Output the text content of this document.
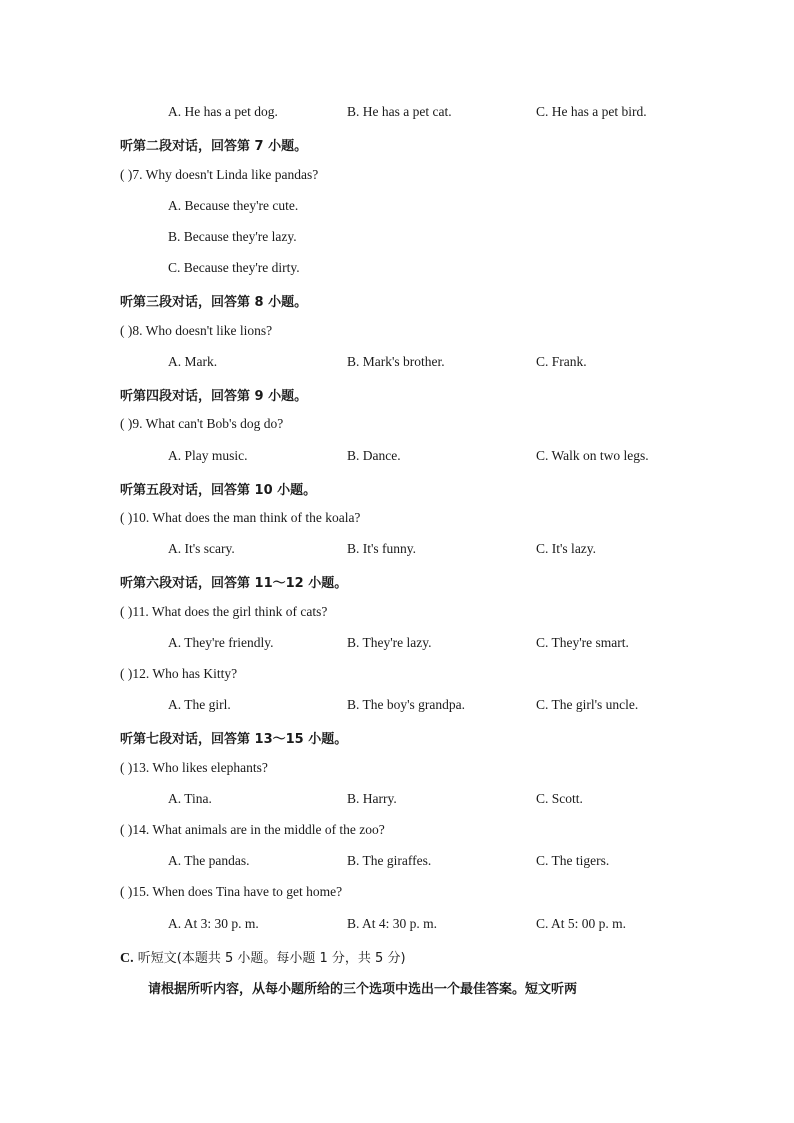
A. He has a pet dog.	B. He has a pet cat.	C. He has a pet bird.
听第二段对话，回答第 7 小题。
( )7. Why doesn't Linda like pandas?
A. Because they're cute.
B. Because they're lazy.
C. Because they're dirty.
听第三段对话，回答第 8 小题。
( )8. Who doesn't like lions?
A. Mark.	B. Mark's brother.	C. Frank.
听第四段对话，回答第 9 小题。
( )9. What can't Bob's dog do?
A. Play music.	B. Dance.	C. Walk on two legs.
听第五段对话，回答第 10 小题。
( )10. What does the man think of the koala?
A. It's scary.	B. It's funny.	C. It's lazy.
听第六段对话，回答第 11～12 小题。
( )11. What does the girl think of cats?
A. They're friendly.	B. They're lazy.	C. They're smart.
( )12. Who has Kitty?
A. The girl.	B. The boy's grandpa.	C. The girl's uncle.
听第七段对话，回答第 13～15 小题。
( )13. Who likes elephants?
A. Tina.	B. Harry.	C. Scott.
( )14. What animals are in the middle of the zoo?
A. The pandas.	B. The giraffes.	C. The tigers.
( )15. When does Tina have to get home?
A. At 3: 30 p. m.	B. At 4: 30 p. m.	C. At 5: 00 p. m.
C. 听短文(本题共 5 小题。每小题 1 分，共 5 分)
请根据所听内容，从每小题所给的三个选项中选出一个最佳答案。短文听两
